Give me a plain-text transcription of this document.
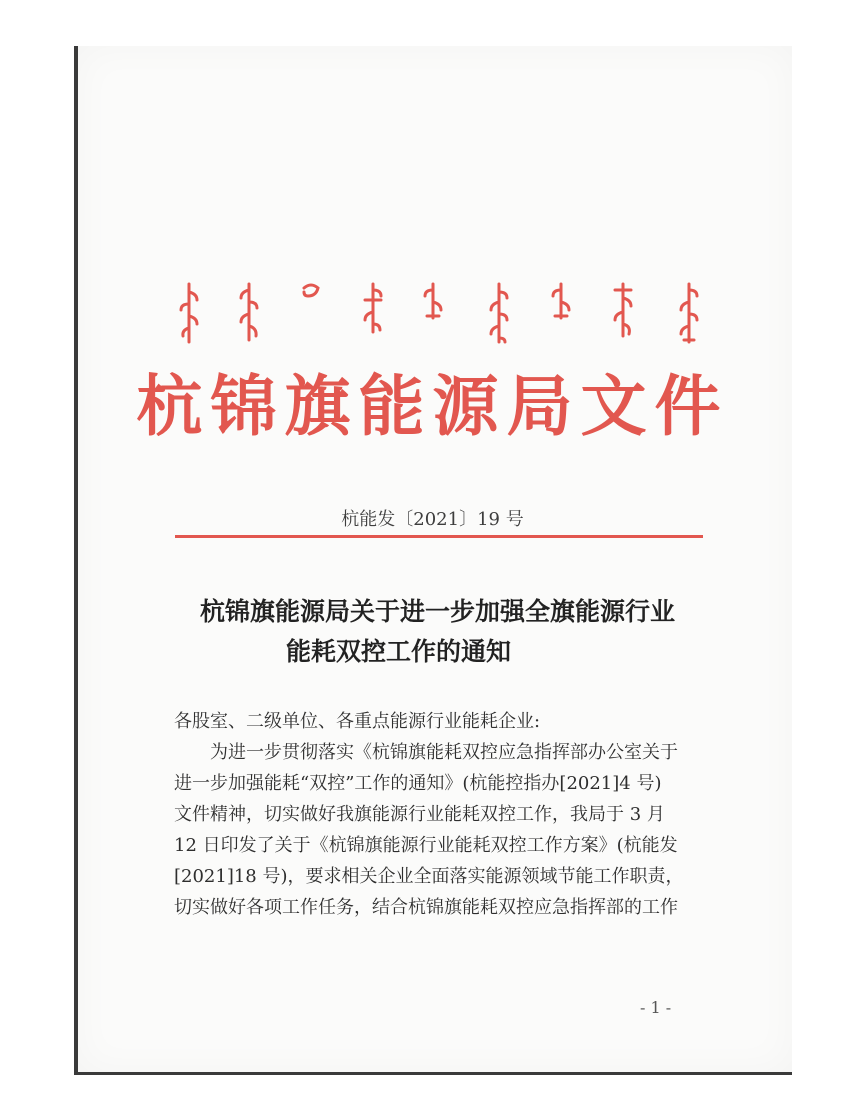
杭锦旗能源局文件
杭能发〔2021〕19 号
杭锦旗能源局关于进一步加强全旗能源行业
能耗双控工作的通知

各股室、二级单位、各重点能源行业能耗企业:

为进一步贯彻落实《杭锦旗能耗双控应急指挥部办公室关于

进一步加强能耗“双控”工作的通知》(杭能控指办[2021]4 号)

文件精神，切实做好我旗能源行业能耗双控工作，我局于 3 月

12 日印发了关于《杭锦旗能源行业能耗双控工作方案》(杭能发

[2021]18 号)，要求相关企业全面落实能源领域节能工作职责，

切实做好各项工作任务，结合杭锦旗能耗双控应急指挥部的工作

- 1 -
